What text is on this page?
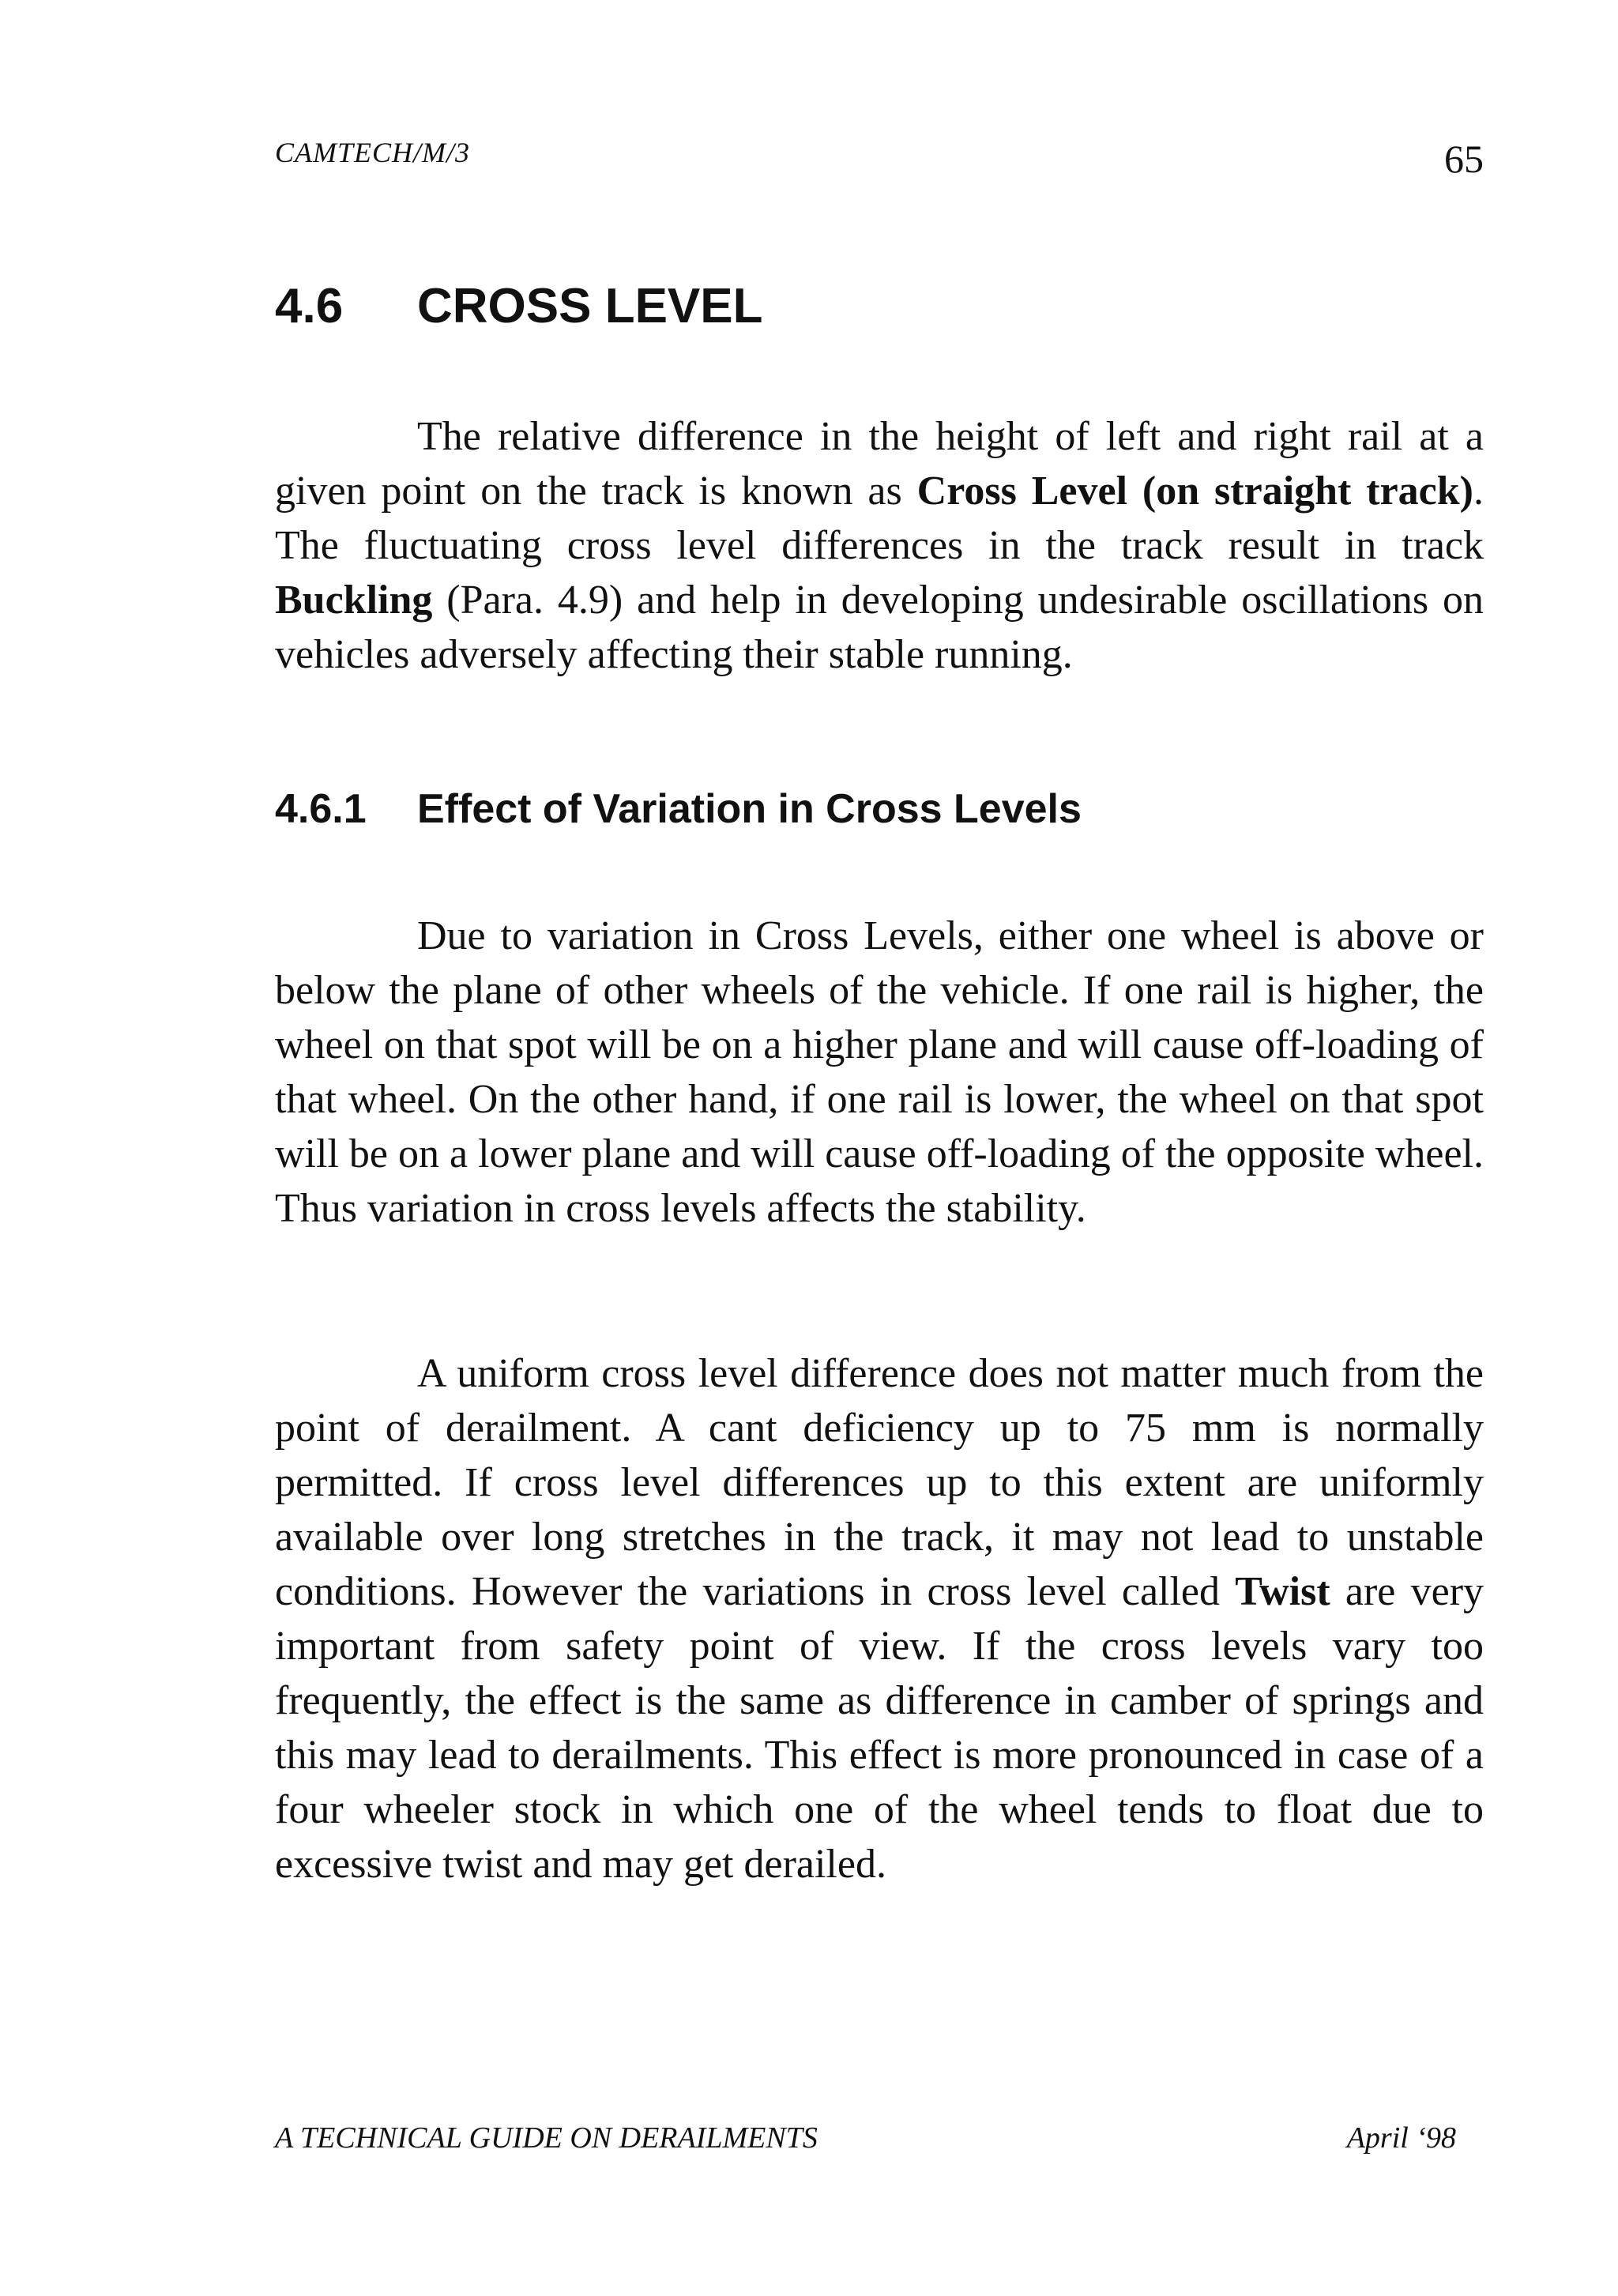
CAMTECH/M/3	65
4.6 CROSS LEVEL

The relative difference in the height of left and right rail at a given point on the track is known as Cross Level (on straight track). The fluctuating cross level differences in the track result in track Buckling (Para. 4.9) and help in developing undesirable oscillations on vehicles adversely affecting their stable running.

4.6.1 Effect of Variation in Cross Levels

Due to variation in Cross Levels, either one wheel is above or below the plane of other wheels of the vehicle. If one rail is higher, the wheel on that spot will be on a higher plane and will cause off-loading of that wheel. On the other hand, if one rail is lower, the wheel on that spot will be on a lower plane and will cause off-loading of the opposite wheel. Thus variation in cross levels affects the stability.

A uniform cross level difference does not matter much from the point of derailment. A cant deficiency up to 75 mm is normally permitted. If cross level differences up to this extent are uniformly available over long stretches in the track, it may not lead to unstable conditions. However the variations in cross level called Twist are very important from safety point of view. If the cross levels vary too frequently, the effect is the same as difference in camber of springs and this may lead to derailments. This effect is more pronounced in case of a four wheeler stock in which one of the wheel tends to float due to excessive twist and may get derailed.

A TECHNICAL GUIDE ON DERAILMENTS	April ‘98
